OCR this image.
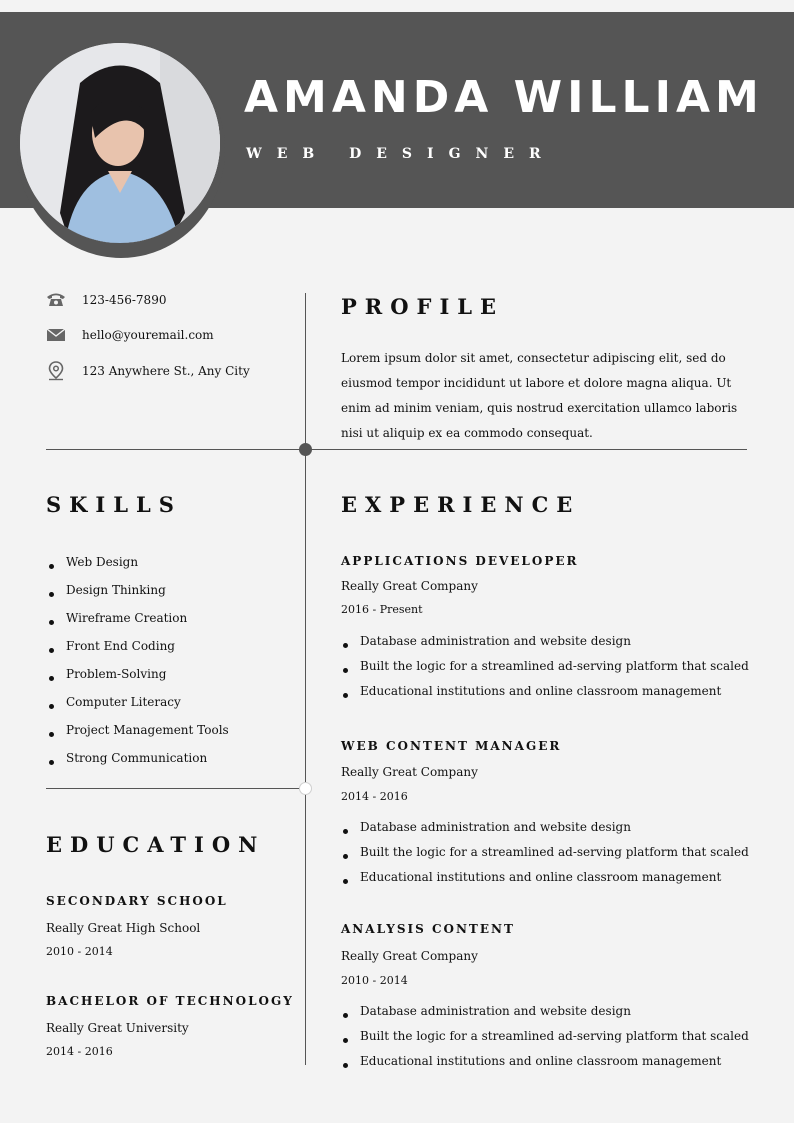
AMANDA WILLIAM
WEB DESIGNER
123-456-7890
hello@youremail.com
123 Anywhere St., Any City
PROFILE

Lorem ipsum dolor sit amet, consectetur adipiscing elit, sed do eiusmod tempor incididunt ut labore et dolore magna aliqua. Ut enim ad minim veniam, quis nostrud exercitation ullamco laboris nisi ut aliquip ex ea commodo consequat.

SKILLS
Web Design
Design Thinking
Wireframe Creation
Front End Coding
Problem-Solving
Computer Literacy
Project Management Tools
Strong Communication
EDUCATION
SECONDARY SCHOOL
Really Great High School
2010 - 2014
BACHELOR OF TECHNOLOGY
Really Great University
2014 - 2016
EXPERIENCE
APPLICATIONS DEVELOPER
Really Great Company
2016 - Present
Database administration and website design
Built the logic for a streamlined ad-serving platform that scaled
Educational institutions and online classroom management
WEB CONTENT MANAGER
Really Great Company
2014 - 2016
Database administration and website design
Built the logic for a streamlined ad-serving platform that scaled
Educational institutions and online classroom management
ANALYSIS CONTENT
Really Great Company
2010 - 2014
Database administration and website design
Built the logic for a streamlined ad-serving platform that scaled
Educational institutions and online classroom management
